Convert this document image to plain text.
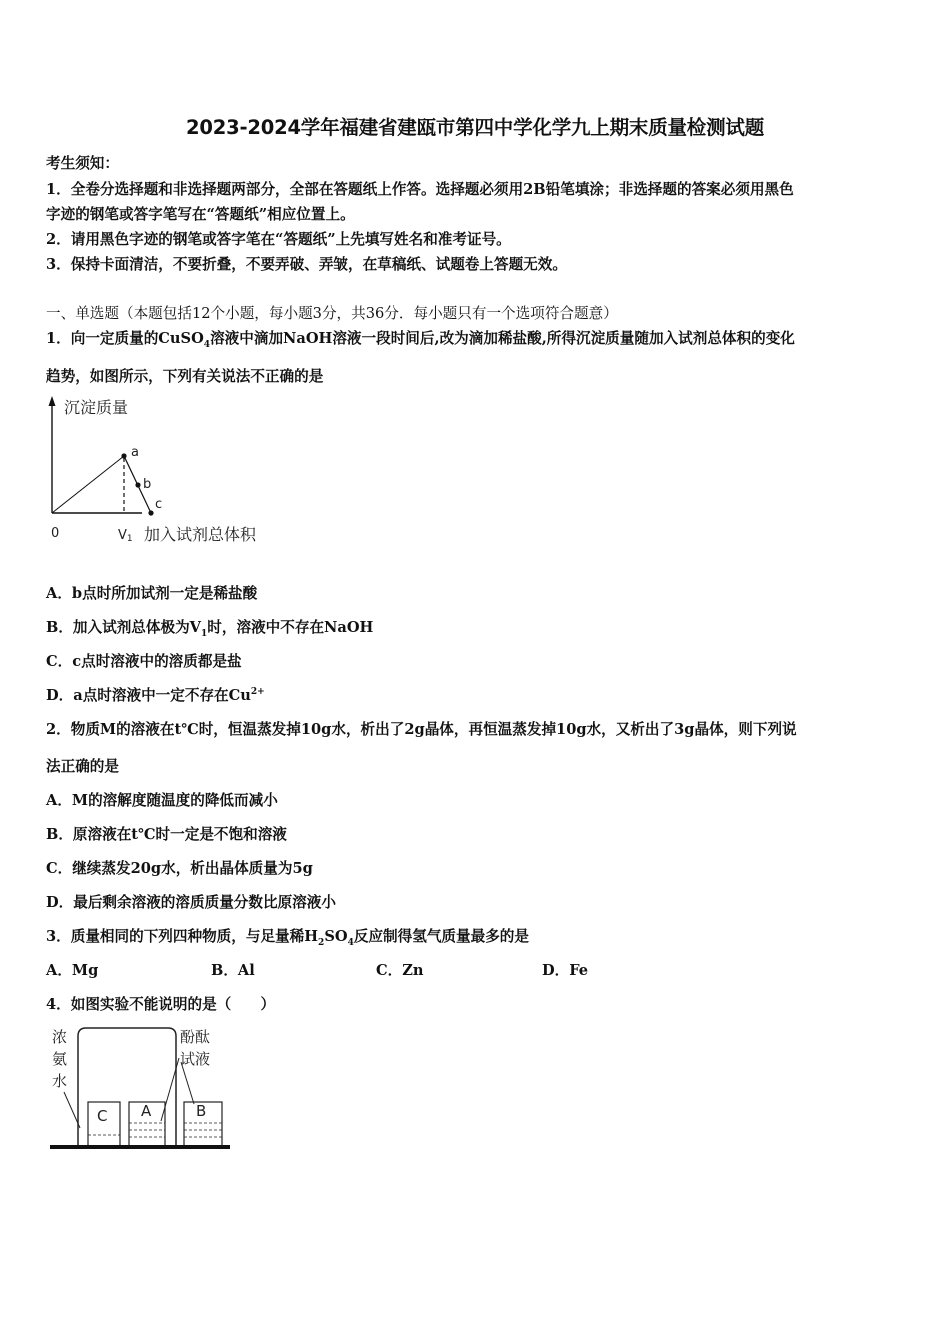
2023-2024学年福建省建瓯市第四中学化学九上期末质量检测试题
考生须知：
1．全卷分选择题和非选择题两部分，全部在答题纸上作答。选择题必须用2B铅笔填涂；非选择题的答案必须用黑色
字迹的钢笔或答字笔写在“答题纸”相应位置上。
2．请用黑色字迹的钢笔或答字笔在“答题纸”上先填写姓名和准考证号。
3．保持卡面清洁，不要折叠，不要弄破、弄皱，在草稿纸、试题卷上答题无效。
一、单选题（本题包括12个小题，每小题3分，共36分．每小题只有一个选项符合题意）
1．向一定质量的CuSO$_4$溶液中滴加NaOH溶液一段时间后,改为滴加稀盐酸,所得沉淀质量随加入试剂总体积的变化
趋势，如图所示，下列有关说法不正确的是
沉淀质量
a
b
c
0	V1 加入试剂总体积
A．b点时所加试剂一定是稀盐酸
B．加入试剂总体极为$V_1$时，溶液中不存在NaOH
C．c点时溶液中的溶质都是盐
D．a点时溶液中一定不存在$Cu^{2+}$
2．物质M的溶液在t℃时，恒温蒸发掉10g水，析出了2g晶体，再恒温蒸发掉10g水，又析出了3g晶体，则下列说
法正确的是
A．M的溶解度随温度的降低而减小
B．原溶液在t℃时一定是不饱和溶液
C．继续蒸发20g水，析出晶体质量为5g
D．最后剩余溶液的溶质质量分数比原溶液小
3．质量相同的下列四种物质，与足量稀$H_2SO_4$反应制得氢气质量最多的是
A．Mg	B．Al	C．Zn	D．Fe
4．如图实验不能说明的是（　　）
浓
氨
水
酚酞
试液
C A	B
